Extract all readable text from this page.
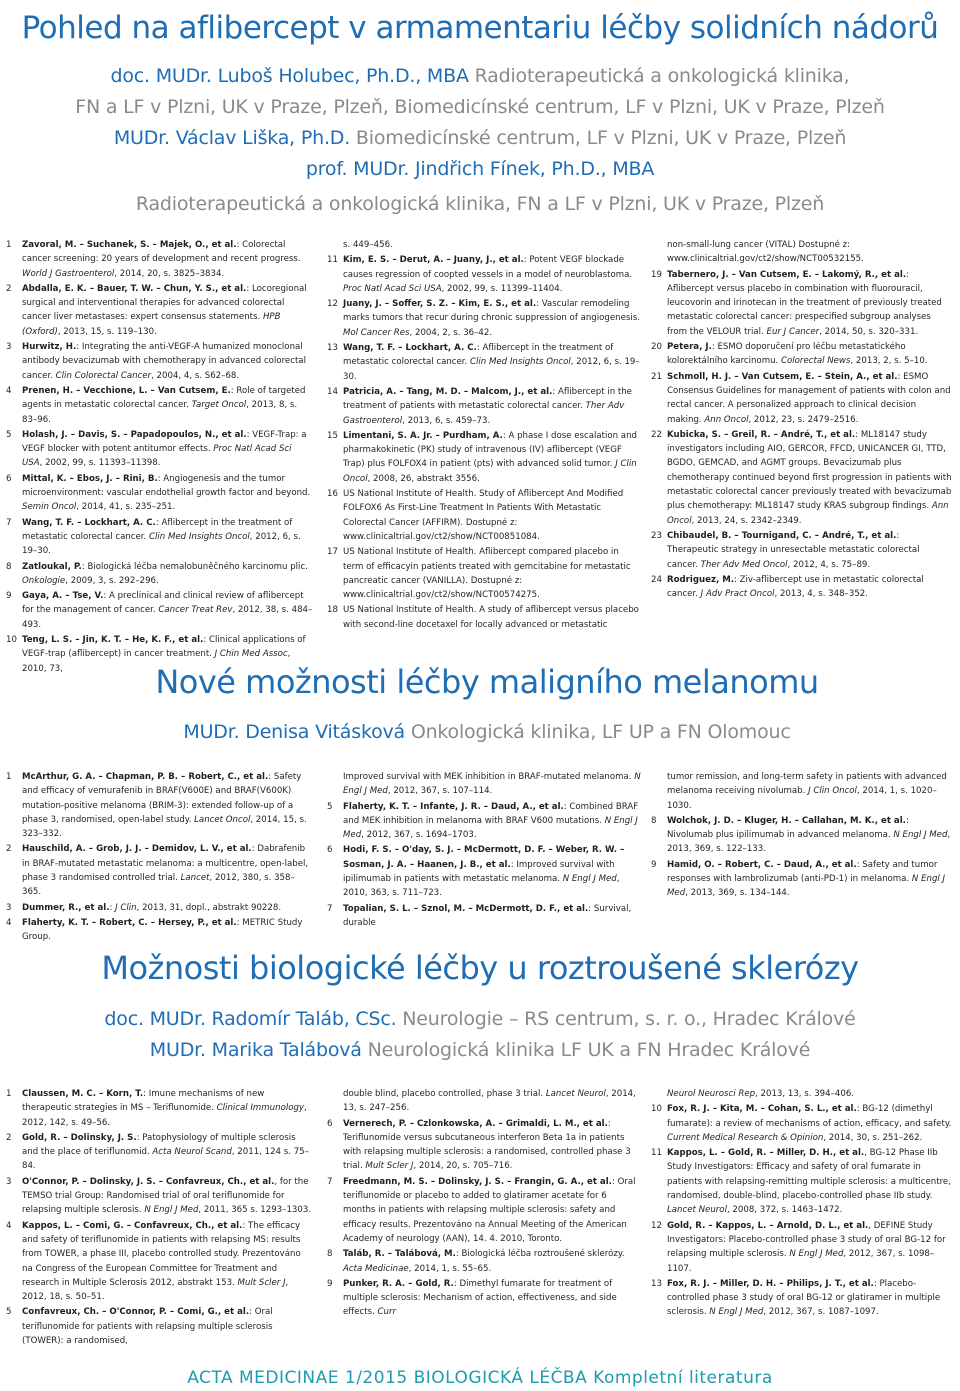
Pohled na aflibercept v armamentariu léčby solidních nádorů
doc. MUDr. Luboš Holubec, Ph.D., MBA Radioterapeutická a onkologická klinika,
FN a LF v Plzni, UK v Praze, Plzeň, Biomedicínské centrum, LF v Plzni, UK v Praze, Plzeň
MUDr. Václav Liška, Ph.D. Biomedicínské centrum, LF v Plzni, UK v Praze, Plzeň
prof. MUDr. Jindřich Fínek, Ph.D., MBA
Radioterapeutická a onkologická klinika, FN a LF v Plzni, UK v Praze, Plzeň
1 Zavoral, M. – Suchanek, S. – Majek, O., et al.: Colorectal cancer screening: 20 years of development and recent progress. World J Gastroenterol, 2014, 20, s. 3825–3834.
2 Abdalla, E. K. – Bauer, T. W. – Chun, Y. S., et al.: Locoregional surgical and interventional therapies for advanced colorectal cancer liver metastases: expert consensus statements. HPB (Oxford), 2013, 15, s. 119–130.
3 Hurwitz, H.: Integrating the anti-VEGF-A humanized monoclonal antibody bevacizumab with chemotherapy in advanced colorectal cancer. Clin Colorectal Cancer, 2004, 4, s. S62–68.
4 Prenen, H. – Vecchione, L. – Van Cutsem, E.: Role of targeted agents in metastatic colorectal cancer. Target Oncol, 2013, 8, s. 83–96.
5 Holash, J. – Davis, S. – Papadopoulos, N., et al.: VEGF-Trap: a VEGF blocker with potent antitumor effects. Proc Natl Acad Sci USA, 2002, 99, s. 11393–11398.
6 Mittal, K. – Ebos, J. – Rini, B.: Angiogenesis and the tumor microenvironment: vascular endothelial growth factor and beyond. Semin Oncol, 2014, 41, s. 235–251.
7 Wang, T. F. – Lockhart, A. C.: Aflibercept in the treatment of metastatic colorectal cancer. Clin Med Insights Oncol, 2012, 6, s. 19–30.
8 Zatloukal, P.: Biologická léčba nemalobuněčného karcinomu plic. Onkologie, 2009, 3, s. 292–296.
9 Gaya, A. – Tse, V.: A preclinical and clinical review of aflibercept for the management of cancer. Cancer Treat Rev, 2012, 38, s. 484–493.
10 Teng, L. S. – Jin, K. T. – He, K. F., et al.: Clinical applications of VEGF-trap (aflibercept) in cancer treatment. J Chin Med Assoc, 2010, 73,
s. 449–456.
11 Kim, E. S. – Derut, A. – Juany, J., et al.: Potent VEGF blockade causes regression of coopted vessels in a model of neuroblastoma. Proc Natl Acad Sci USA, 2002, 99, s. 11399–11404.
12 Juany, J. – Soffer, S. Z. – Kim, E. S., et al.: Vascular remodeling marks tumors that recur during chronic suppression of angiogenesis. Mol Cancer Res, 2004, 2, s. 36–42.
13 Wang, T. F. – Lockhart, A. C.: Aflibercept in the treatment of metastatic colorectal cancer. Clin Med Insights Oncol, 2012, 6, s. 19–30.
14 Patricia, A. – Tang, M. D. – Malcom, J., et al.: Aflibercept in the treatment of patients with metastatic colorectal cancer. Ther Adv Gastroenterol, 2013, 6, s. 459–73.
15 Limentani, S. A. Jr. – Purdham, A.: A phase I dose escalation and pharmakokinetic (PK) study of intravenous (IV) aflibercept (VEGF Trap) plus FOLFOX4 in patient (pts) with advanced solid tumor. J Clin Oncol, 2008, 26, abstrakt 3556.
16 US National Institute of Health. Study of Aflibercept And Modified FOLFOX6 As First-Line Treatment In Patients With Metastatic Colorectal Cancer (AFFIRM). Dostupné z: www.clinicaltrial.gov/ct2/show/NCT00851084.
17 US National Institute of Health. Aflibercept compared placebo in term of efficacyin patients treated with gemcitabine for metastatic pancreatic cancer (VANILLA). Dostupné z: www.clinicaltrial.gov/ct2/show/NCT00574275.
18 US National Institute of Health. A study of aflibercept versus placebo with second-line docetaxel for locally advanced or metastatic
non-small-lung cancer (VITAL) Dostupné z: www.clinicaltrial.gov/ct2/show/NCT00532155.
19 Tabernero, J. – Van Cutsem, E. – Lakomý, R., et al.: Aflibercept versus placebo in combination with fluorouracil, leucovorin and irinotecan in the treatment of previously treated metastatic colorectal cancer: prespecified subgroup analyses from the VELOUR trial. Eur J Cancer, 2014, 50, s. 320–331.
20 Petera, J.: ESMO doporučení pro léčbu metastatického kolorektálního karcinomu. Colorectal News, 2013, 2, s. 5–10.
21 Schmoll, H. J. – Van Cutsem, E. – Stein, A., et al.: ESMO Consensus Guidelines for management of patients with colon and rectal cancer. A personalized approach to clinical decision making. Ann Oncol, 2012, 23, s. 2479–2516.
22 Kubicka, S. – Greil, R. – André, T., et al.: ML18147 study investigators including AIO, GERCOR, FFCD, UNICANCER GI, TTD, BGDO, GEMCAD, and AGMT groups. Bevacizumab plus chemotherapy continued beyond first progression in patients with metastatic colorectal cancer previously treated with bevacizumab plus chemotherapy: ML18147 study KRAS subgroup findings. Ann Oncol, 2013, 24, s. 2342–2349.
23 Chibaudel, B. – Tournigand, C. – André, T., et al.: Therapeutic strategy in unresectable metastatic colorectal cancer. Ther Adv Med Oncol, 2012, 4, s. 75–89.
24 Rodriguez, M.: Ziv-aflibercept use in metastatic colorectal cancer. J Adv Pract Oncol, 2013, 4, s. 348–352.
Nové možnosti léčby maligního melanomu
MUDr. Denisa Vitásková Onkologická klinika, LF UP a FN Olomouc
1 McArthur, G. A. – Chapman, P. B. – Robert, C., et al.: Safety and efficacy of vemurafenib in BRAF(V600E) and BRAF(V600K) mutation-positive melanoma (BRIM-3): extended follow-up of a phase 3, randomised, open-label study. Lancet Oncol, 2014, 15, s. 323–332.
2 Hauschild, A. – Grob, J. J. – Demidov, L. V., et al.: Dabrafenib in BRAF-mutated metastatic melanoma: a multicentre, open-label, phase 3 randomised controlled trial. Lancet, 2012, 380, s. 358–365.
3 Dummer, R., et al.: J Clin, 2013, 31, dopl., abstrakt 90228.
4 Flaherty, K. T. – Robert, C. – Hersey, P., et al.: METRIC Study Group.
Improved survival with MEK inhibition in BRAF-mutated melanoma. N Engl J Med, 2012, 367, s. 107–114.
5 Flaherty, K. T. – Infante, J. R. – Daud, A., et al.: Combined BRAF and MEK inhibition in melanoma with BRAF V600 mutations. N Engl J Med, 2012, 367, s. 1694–1703.
6 Hodi, F. S. – O'day, S. J. – McDermott, D. F. – Weber, R. W. – Sosman, J. A. – Haanen, J. B., et al.: Improved survival with ipilimumab in patients with metastatic melanoma. N Engl J Med, 2010, 363, s. 711–723.
7 Topalian, S. L. – Sznol, M. – McDermott, D. F., et al.: Survival, durable
tumor remission, and long-term safety in patients with advanced melanoma receiving nivolumab. J Clin Oncol, 2014, 1, s. 1020–1030.
8 Wolchok, J. D. – Kluger, H. – Callahan, M. K., et al.: Nivolumab plus ipilimumab in advanced melanoma. N Engl J Med, 2013, 369, s. 122–133.
9 Hamid, O. – Robert, C. – Daud, A., et al.: Safety and tumor responses with lambrolizumab (anti-PD-1) in melanoma. N Engl J Med, 2013, 369, s. 134–144.
Možnosti biologické léčby u roztroušené sklerózy
doc. MUDr. Radomír Taláb, CSc. Neurologie – RS centrum, s. r. o., Hradec Králové
MUDr. Marika Talábová Neurologická klinika LF UK a FN Hradec Králové
1 Claussen, M. C. – Korn, T.: Imune mechanisms of new therapeutic strategies in MS – Teriflunomide. Clinical Immunology, 2012, 142, s. 49–56.
2 Gold, R. – Dolinsky, J. S.: Patophysiology of multiple sclerosis and the place of teriflunomid. Acta Neurol Scand, 2011, 124 s. 75–84.
3 O'Connor, P. – Dolinsky, J. S. – Confavreux, Ch., et al., for the TEMSO trial Group: Randomised trial of oral teriflunomide for relapsing multiple sclerosis. N Engl J Med, 2011, 365 s. 1293–1303.
4 Kappos, L. – Comi, G. – Confavreux, Ch., et al.: The efficacy and safety of teriflunomide in patients with relapsing MS: results from TOWER, a phase III, placebo controlled study. Prezentováno na Congress of the European Committee for Treatment and research in Multiple Sclerosis 2012, abstrakt 153. Mult Scler J, 2012, 18, s. 50–51.
5 Confavreux, Ch. – O'Connor, P. – Comi, G., et al.: Oral teriflunomide for patients with relapsing multiple sclerosis (TOWER): a randomised,
double blind, placebo controlled, phase 3 trial. Lancet Neurol, 2014, 13, s. 247–256.
6 Vernerech, P. – Czlonkowska, A. – Grimaldi, L. M., et al.: Teriflunomide versus subcutaneous interferon Beta 1a in patients with relapsing multiple sclerosis: a randomised, controlled phase 3 trial. Mult Scler J, 2014, 20, s. 705–716.
7 Freedmann, M. S. – Dolinsky, J. S. – Frangin, G. A., et al.: Oral teriflunomide or placebo to added to glatiramer acetate for 6 months in patients with relapsing multiple sclerosis: safety and efficacy results. Prezentováno na Annual Meeting of the American Academy of neurology (AAN), 14. 4. 2010, Toronto.
8 Taláb, R. – Talábová, M.: Biologická léčba roztroušené sklerózy. Acta Medicinae, 2014, 1, s. 55–65.
9 Punker, R. A. – Gold, R.: Dimethyl fumarate for treatment of multiple sclerosis: Mechanism of action, effectiveness, and side effects. Curr
Neurol Neurosci Rep, 2013, 13, s. 394–406.
10 Fox, R. J. – Kita, M. – Cohan, S. L., et al.: BG-12 (dimethyl fumarate): a review of mechanisms of action, efficacy, and safety. Current Medical Research & Opinion, 2014, 30, s. 251–262.
11 Kappos, L. – Gold, R. – Miller, D. H., et al., BG-12 Phase IIb Study Investigators: Efficacy and safety of oral fumarate in patients with relapsing-remitting multiple sclerosis: a multicentre, randomised, double-blind, placebo-controlled phase IIb study. Lancet Neurol, 2008, 372, s. 1463–1472.
12 Gold, R. – Kappos, L. – Arnold, D. L., et al., DEFINE Study Investigators: Placebo-controlled phase 3 study of oral BG-12 for relapsing multiple sclerosis. N Engl J Med, 2012, 367, s. 1098–1107.
13 Fox, R. J. – Miller, D. H. – Philips, J. T., et al.: Placebo-controlled phase 3 study of oral BG-12 or glatiramer in multiple sclerosis. N Engl J Med, 2012, 367, s. 1087–1097.
ACTA MEDICINAE 1/2015 BIOLOGICKÁ LÉČBA Kompletní literatura
